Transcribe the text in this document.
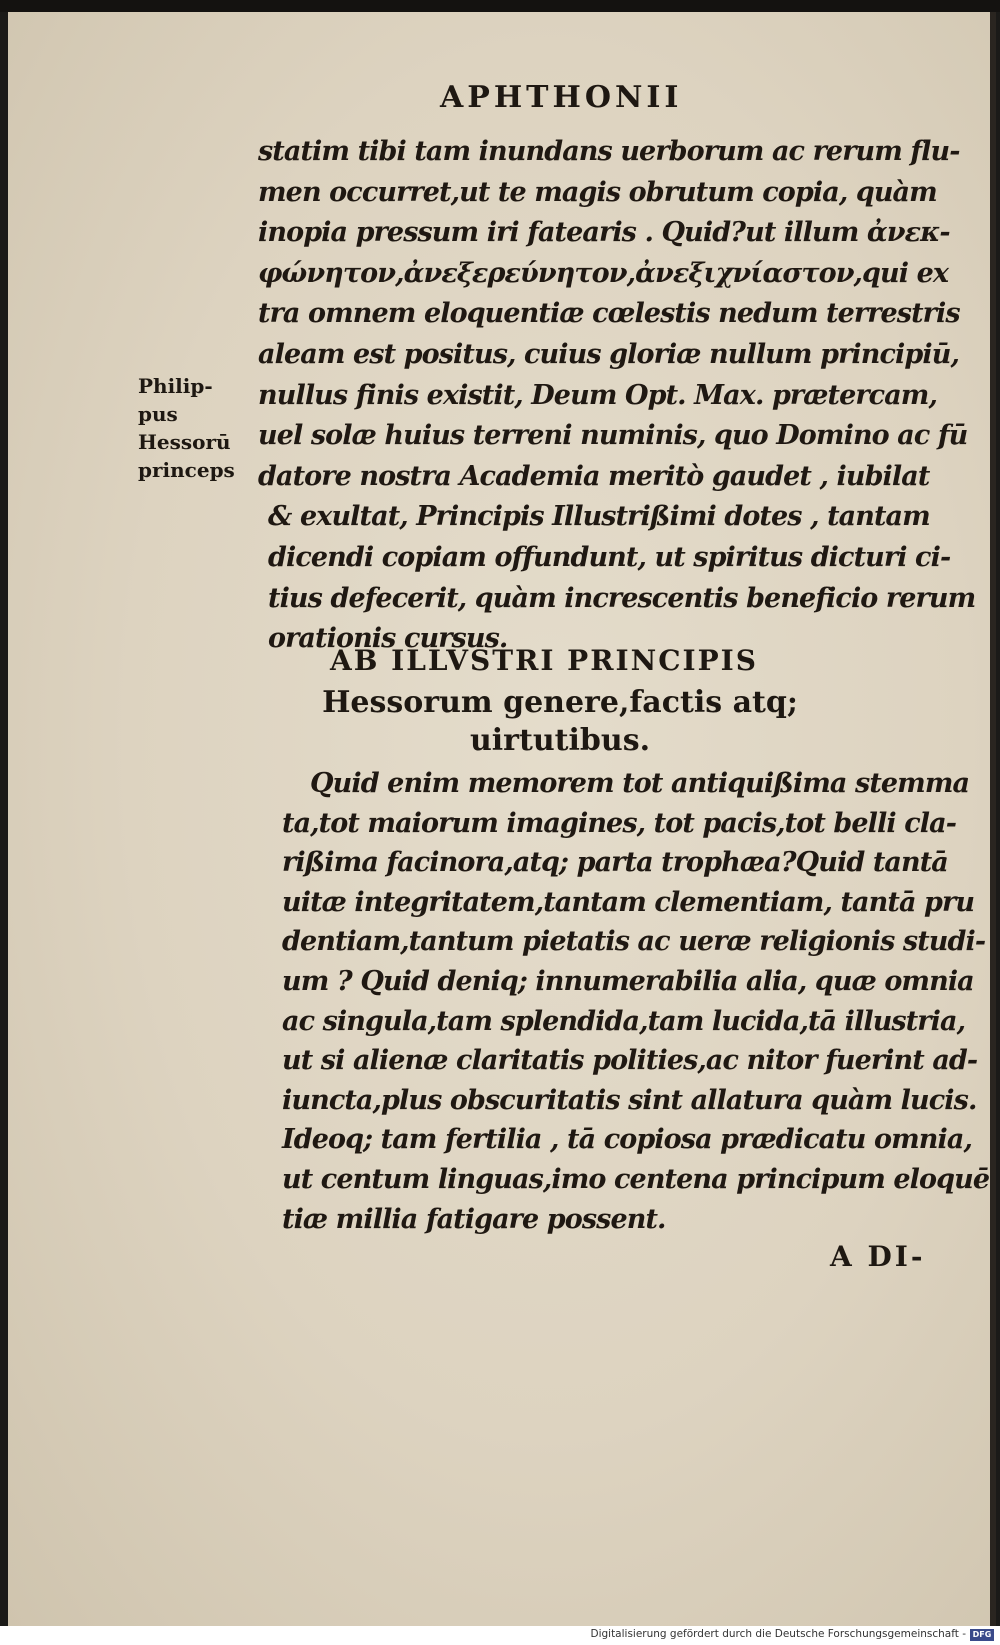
APHTHONII
Philip-
pus
Hessorū
princeps
statim tibi tam inundans uerborum ac rerum flu-
men occurret,ut te magis obrutum copia, quàm
inopia pressum iri fatearis . Quid?ut illum ἀνεκ-
φώνητον,ἀνεξερεύνητον,ἀνεξιχνίαστον,qui ex
tra omnem eloquentiæ cœlestis nedum terrestris
aleam est positus, cuius gloriæ nullum principiū,
nullus finis existit, Deum Opt. Max. prætercam,
uel solæ huius terreni numinis, quo Domino ac fū
datore nostra Academia meritò gaudet , iubilat
& exultat, Principis Illustrißimi dotes , tantam
dicendi copiam offundunt, ut spiritus dicturi ci-
tius defecerit, quàm increscentis beneficio rerum
orationis cursus.
AB ILLVSTRI PRINCIPIS
Hessorum genere,factis atq;
uirtutibus.
Quid enim memorem tot antiquißima stemma
ta,tot maiorum imagines, tot pacis,tot belli cla-
rißima facinora,atq; parta trophæa?Quid tantā
uitæ integritatem,tantam clementiam, tantā pru
dentiam,tantum pietatis ac ueræ religionis studi-
um ? Quid deniq; innumerabilia alia, quæ omnia
ac singula,tam splendida,tam lucida,tā illustria,
ut si alienæ claritatis polities,ac nitor fuerint ad-
iuncta,plus obscuritatis sint allatura quàm lucis.
Ideoq; tam fertilia , tā copiosa prædicatu omnia,
ut centum linguas,imo centena principum eloquē
tiæ millia fatigare possent.
A DI-
Digitalisierung gefördert durch die Deutsche Forschungsgemeinschaft - DFG
